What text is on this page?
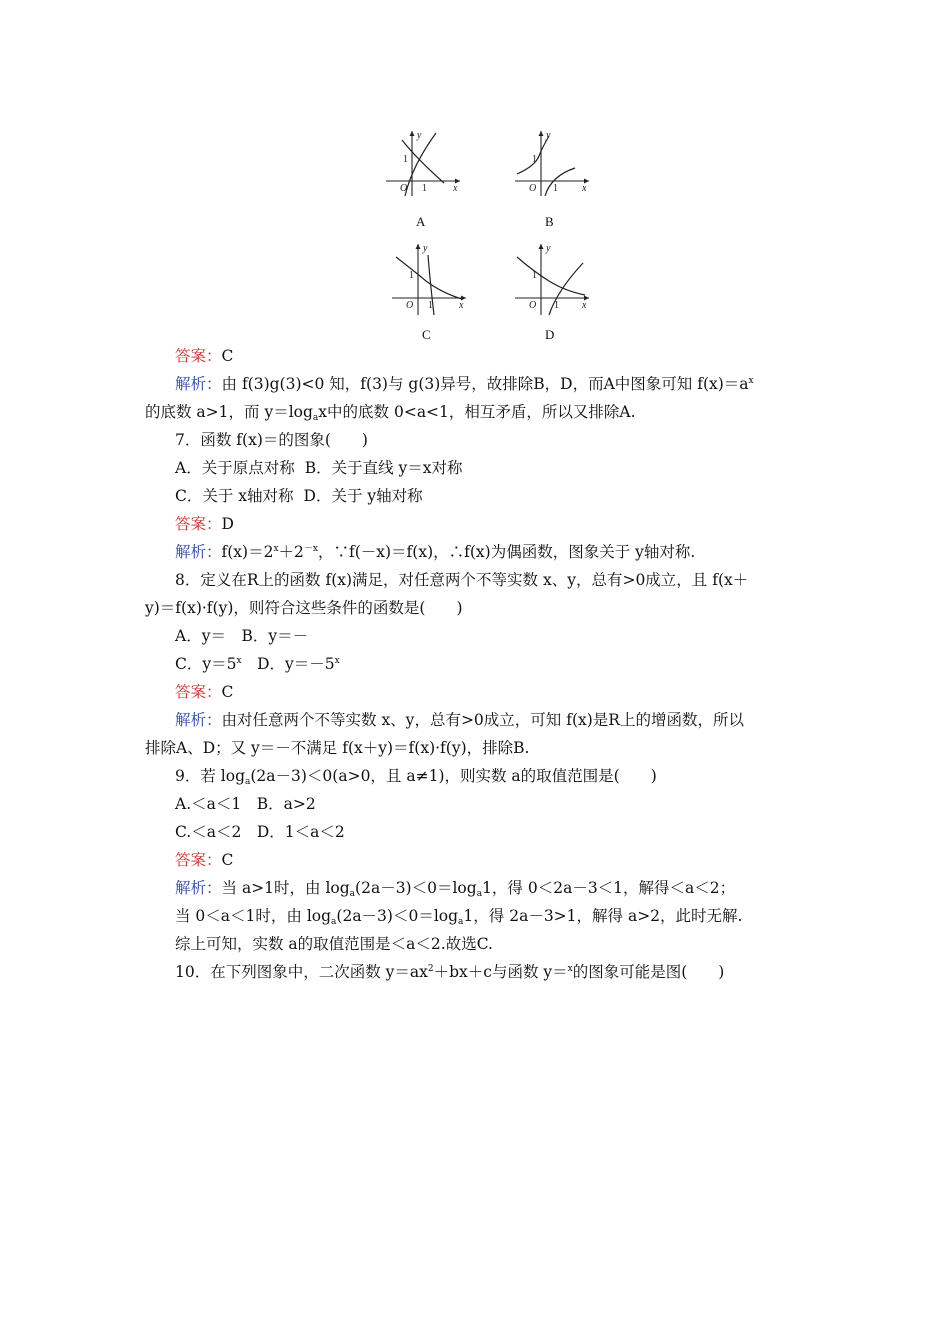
y
x
O
1
1
A
y
x
O
1
1
B
y
x
O
1
1
C
y
x
O
1
1
D
答案：C
解析：由 f(3)g(3)<0 知，f(3)与 g(3)异号，故排除B，D，而A中图象可知 $f(x)=a^x$
的底数 a>1，而 $y=\log_ax$中的底数 0<a<1，相互矛盾，所以又排除A.
7．函数 f(x)＝的图象(　　)
A．关于原点对称 B．关于直线 y＝x对称
C．关于 x轴对称 D．关于 y轴对称
答案：D
解析：$f(x)=2^x+2^{-x}$，∵f(－x)＝f(x)，∴f(x)为偶函数，图象关于 y轴对称.
8．定义在R上的函数 f(x)满足，对任意两个不等实数 x、y，总有>0成立，且 f(x＋
y)＝f(x)·f(y)，则符合这些条件的函数是(　　)
A．y＝　B．y＝－
C．$y=5^x$　D．$y=-5^x$
答案：C
解析：由对任意两个不等实数 x、y，总有>0成立，可知 f(x)是R上的增函数，所以
排除A、D；又 y＝－不满足 f(x＋y)＝f(x)·f(y)，排除B.
9．若 $\log_a(2a-3)<0(a>0$，且 a≠1)，则实数 a的取值范围是(　　)
A.＜a＜1　B．a>2
C.＜a＜2　D．1＜a＜2
答案：C
解析：当 a>1时，由 $\log_a(2a-3)<0=\log_a1$，得 0＜2a－3＜1，解得＜a＜2；
当 0＜a＜1时，由 $\log_a(2a-3)<0=\log_a1$，得 2a－3>1，解得 a>2，此时无解.
综上可知，实数 a的取值范围是＜a＜2.故选C.
10．在下列图象中，二次函数 $y=ax^2+bx+c$与函数 y＝$^x$的图象可能是图(　　)
